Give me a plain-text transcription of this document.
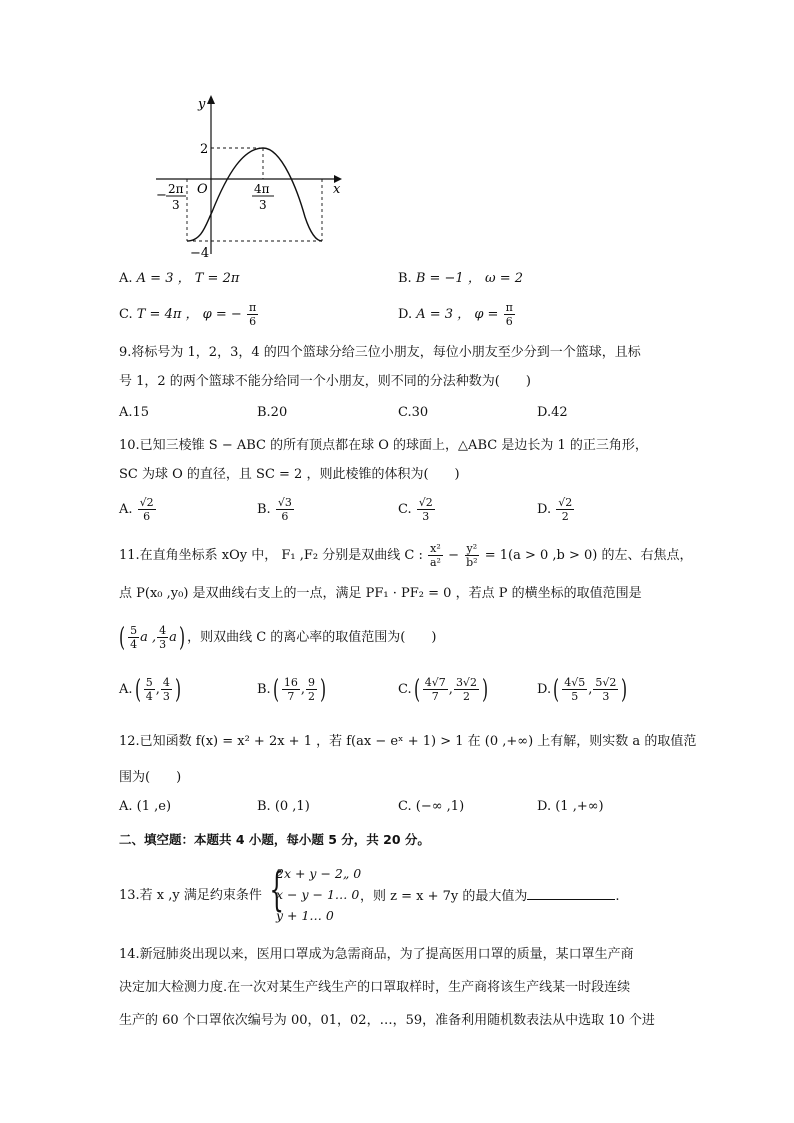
y
x
O
2
−4
− 2π
3
4π
3
A. A = 3 ， T = 2π	B. B = −1 ， ω = 2
C. T = 4π ， φ = − $\frac{\pi}{6}$	D. A = 3 ， $\varphi = \frac{\pi}{6}$
9.将标号为 1，2，3，4 的四个篮球分给三位小朋友，每位小朋友至少分到一个篮球，且标
号 1，2 的两个篮球不能分给同一个小朋友，则不同的分法种数为(　　)
A.15	B.20	C.30	D.42
10.已知三棱锥 S − ABC 的所有顶点都在球 O 的球面上，△ABC 是边长为 1 的正三角形，
SC 为球 O 的直径，且 SC = 2 ，则此棱锥的体积为(　　)
A. $\frac{√2}{6}$	B. $\frac{√3}{6}$	C. $\frac{√2}{3}$	D. $\frac{√2}{2}$
11.在直角坐标系 xOy 中， F₁ ,F₂ 分别是双曲线 C : $\frac{\text{x²}}{\text{a²}} - \frac{\text{y²}}{\text{b²}} = 1(a > 0$ ,b > 0) 的左、右焦点，
点 P(x₀ ,y₀) 是双曲线右支上的一点，满足 PF₁ · PF₂ = 0 ，若点 P 的横坐标的取值范围是
( $\frac{5}{4}$ a , $\frac{4}{3} a$) ，则双曲线 C 的离心率的取值范围为(　　)
$A.( \frac{5}{4}$ , $\frac{4}{3}$ )	$B.( \frac{16}{7}$ , $\frac{9}{2}$ )	$C.( \frac{4√7}{7}$ , $\frac{3√2}{2}$ )	$D.( \frac{4√5}{5}$ , $\frac{5√2}{3}$ )
12.已知函数 f(x) = x² + 2x + 1 ，若 f(ax − eˣ + 1) > 1 在 (0 ,+∞) 上有解，则实数 a 的取值范
围为(　　)
A. (1 ,e)	B. (0 ,1)	C. (−∞ ,1)	D. (1 ,+∞)
二、填空题：本题共 4 小题，每小题 5 分，共 20 分。
13.若 x ,y 满足约束条件 {
2x + y − 2„ 0
x − y − 1… 0
y + 1… 0
，则 z = x + 7y 的最大值为	.
14.新冠肺炎出现以来，医用口罩成为急需商品，为了提高医用口罩的质量，某口罩生产商
决定加大检测力度.在一次对某生产线生产的口罩取样时，生产商将该生产线某一时段连续
生产的 60 个口罩依次编号为 00，01，02，…，59，准备利用随机数表法从中选取 10 个进
